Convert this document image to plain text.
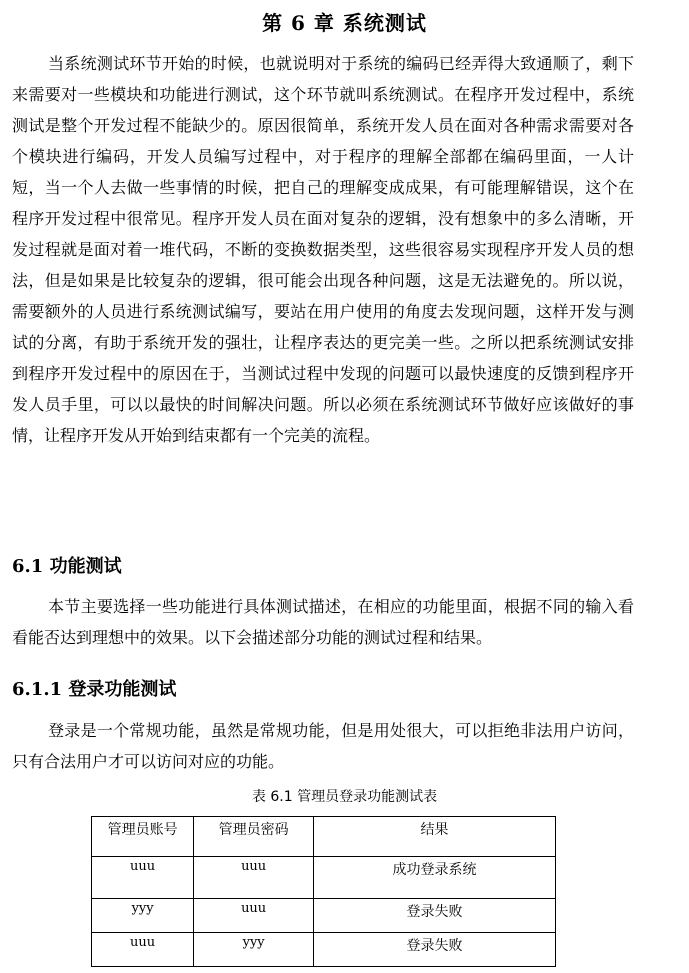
第 6 章 系统测试

当系统测试环节开始的时候，也就说明对于系统的编码已经弄得大致通顺了，剩下来需要对一些模块和功能进行测试，这个环节就叫系统测试。在程序开发过程中，系统测试是整个开发过程不能缺少的。原因很简单，系统开发人员在面对各种需求需要对各个模块进行编码，开发人员编写过程中，对于程序的理解全部都在编码里面，一人计短，当一个人去做一些事情的时候，把自己的理解变成成果，有可能理解错误，这个在程序开发过程中很常见。程序开发人员在面对复杂的逻辑，没有想象中的多么清晰，开发过程就是面对着一堆代码，不断的变换数据类型，这些很容易实现程序开发人员的想法，但是如果是比较复杂的逻辑，很可能会出现各种问题，这是无法避免的。所以说，需要额外的人员进行系统测试编写，要站在用户使用的角度去发现问题，这样开发与测试的分离，有助于系统开发的强壮，让程序表达的更完美一些。之所以把系统测试安排到程序开发过程中的原因在于，当测试过程中发现的问题可以最快速度的反馈到程序开发人员手里，可以以最快的时间解决问题。所以必须在系统测试环节做好应该做好的事情，让程序开发从开始到结束都有一个完美的流程。

6.1 功能测试

本节主要选择一些功能进行具体测试描述，在相应的功能里面，根据不同的输入看看能否达到理想中的效果。以下会描述部分功能的测试过程和结果。

6.1.1 登录功能测试

登录是一个常规功能，虽然是常规功能，但是用处很大，可以拒绝非法用户访问，只有合法用户才可以访问对应的功能。

表 6.1 管理员登录功能测试表

管理员账号	管理员密码	结果
uuu	uuu	成功登录系统
yyy	uuu	登录失败
uuu	yyy	登录失败
